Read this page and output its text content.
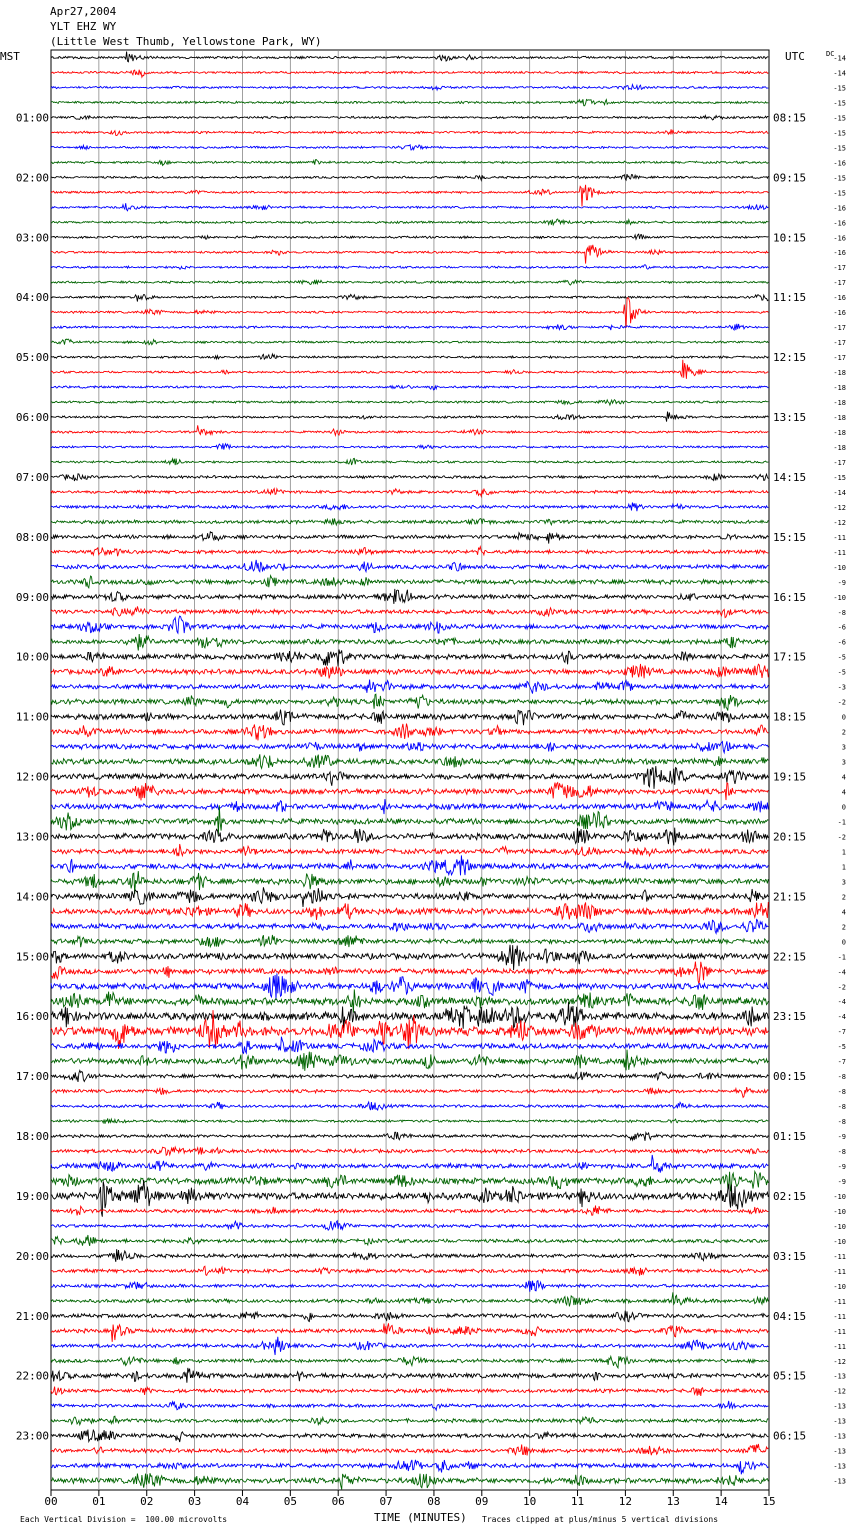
Apr27,2004
YLT EHZ WY
(Little West Thumb, Yellowstone Park, WY)
MST	UTC	DC
00	01	02	03	04	05	06	07	08	09	10	11	12	13	14	15
01:00
02:00
03:00
04:00
05:00
06:00
07:00
08:00
09:00
10:00
11:00
12:00
13:00
14:00
15:00
16:00
17:00
18:00
19:00
20:00
21:00
22:00
23:00
08:15
09:15
10:15
11:15
12:15
13:15
14:15
15:15
16:15
17:15
18:15
19:15
20:15
21:15
22:15
23:15
00:15
01:15
02:15
03:15
04:15
05:15
06:15
-14
-14
-15
-15
-15
-15
-15
-16
-15
-15
-16
-16
-16
-16
-17
-17
-16
-16
-17
-17
-17
-18
-18
-18
-18
-18
-18
-17
-15
-14
-12
-12
-11
-11
-10
-9
-10
-8
-6
-6
-5
-5
-3
-2
0
2
3
3
4
4
0
-1
-2
1
1
3
2
4
2
0
-1
-4
-2
-4
-4
-7
-5
-7
-8
-8
-8
-8
-9
-8
-9
-9
-10
-10
-10
-10
-11
-11
-10
-11
-11
-11
-11
-12
-13
-12
-13
-13
-13
-13
-13
-13
Each Vertical Division =  100.00 microvolts	TIME (MINUTES) Traces clipped at plus/minus 5 vertical divisions
